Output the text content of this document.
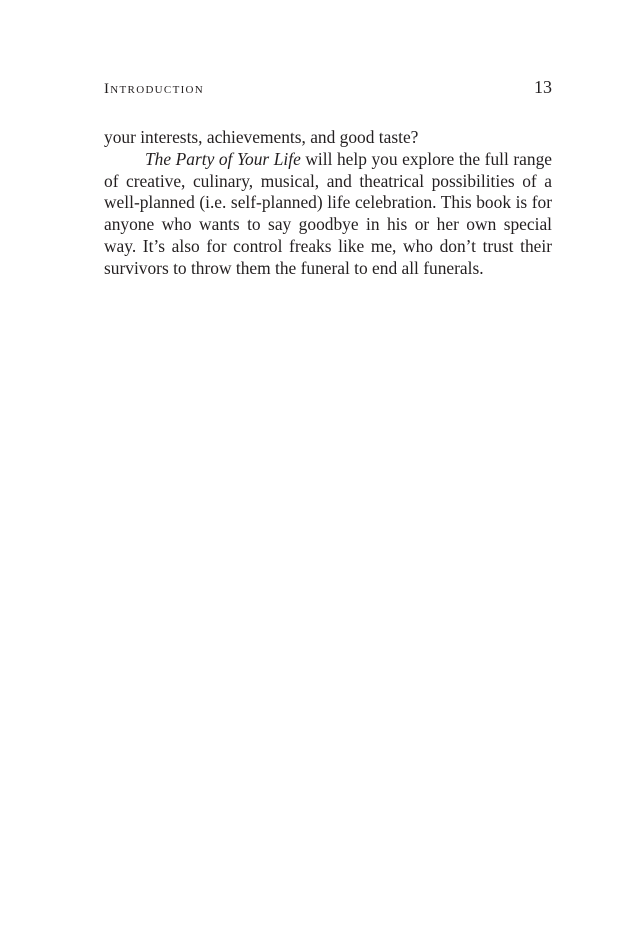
Introduction	13

your interests, achievements, and good taste?

The Party of Your Life will help you explore the full range of creative, culinary, musical, and theatrical possibilities of a well-planned (i.e. self-planned) life celebration. This book is for anyone who wants to say goodbye in his or her own special way. It’s also for control freaks like me, who don’t trust their survivors to throw them the funeral to end all funerals.
